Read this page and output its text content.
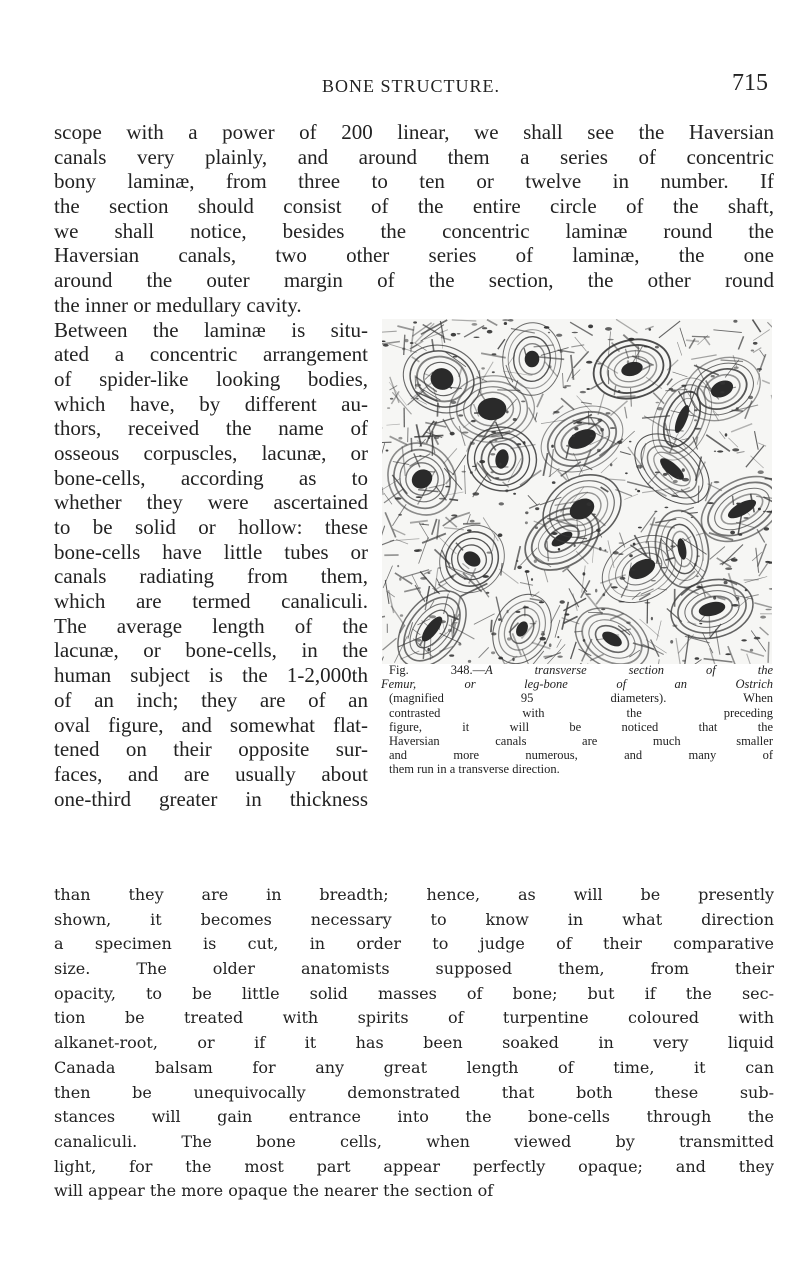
BONE STRUCTURE.	715
scope with a power of 200 linear, we shall see the Haversian
canals very plainly, and around them a series of concentric
bony laminæ, from three to ten or twelve in number. If
the section should consist of the entire circle of the shaft,
we shall notice, besides the concentric laminæ round the
Haversian canals, two other series of laminæ, the one
around the outer margin of the section, the other round
the inner or medullary cavity.
Between the laminæ is situ-
ated a concentric arrangement
of spider-like looking bodies,
which have, by different au-
thors, received the name of
osseous corpuscles, lacunæ, or
bone-cells, according as to
whether they were ascertained
to be solid or hollow: these
bone-cells have little tubes or
canals radiating from them,
which are termed canaliculi.
The average length of the
lacunæ, or bone-cells, in the
human subject is the 1-2,000th
of an inch; they are of an
oval figure, and somewhat flat-
tened on their opposite sur-
faces, and are usually about
one-third greater in thickness
Fig. 348.—A transverse section of the
Femur, or leg-bone of an Ostrich
(magnified 95 diameters). When
contrasted with the preceding
figure, it will be noticed that the
Haversian canals are much smaller
and more numerous, and many of
them run in a transverse direction.
than they are in breadth; hence, as will be presently
shown, it becomes necessary to know in what direction
a specimen is cut, in order to judge of their comparative
size. The older anatomists supposed them, from their
opacity, to be little solid masses of bone; but if the sec-
tion be treated with spirits of turpentine coloured with
alkanet-root, or if it has been soaked in very liquid
Canada balsam for any great length of time, it can
then be unequivocally demonstrated that both these sub-
stances will gain entrance into the bone-cells through the
canaliculi. The bone cells, when viewed by transmitted
light, for the most part appear perfectly opaque; and they
will appear the more opaque the nearer the section of
